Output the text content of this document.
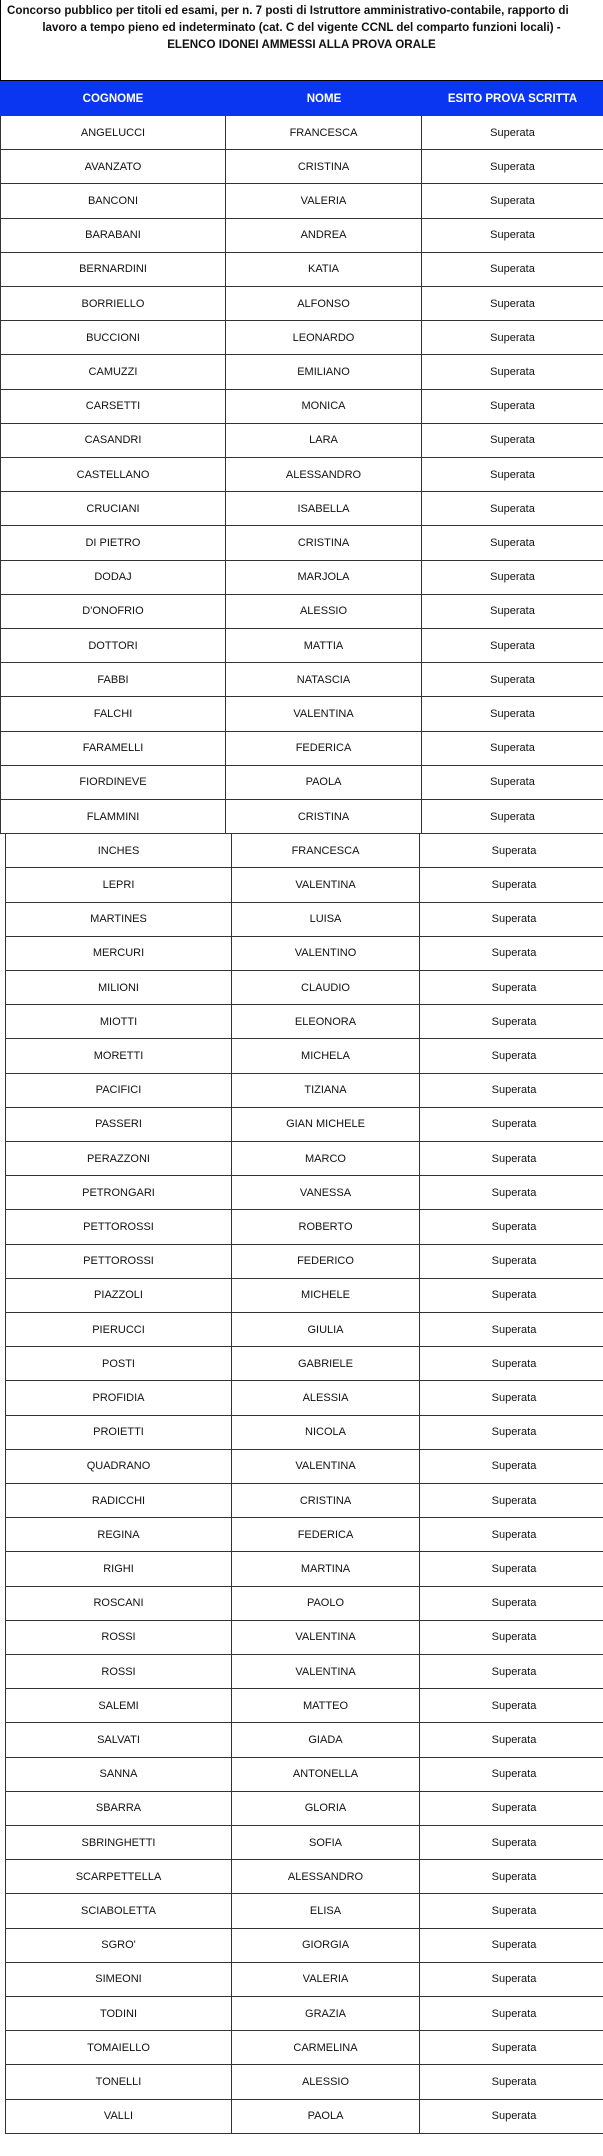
Concorso pubblico per titoli ed esami, per n. 7 posti di Istruttore amministrativo-contabile, rapporto di
lavoro a tempo pieno ed indeterminato (cat. C del vigente CCNL del comparto funzioni locali) -
ELENCO IDONEI AMMESSI ALLA PROVA ORALE
COGNOME	NOME	ESITO PROVA SCRITTA
ANGELUCCI	FRANCESCA	Superata
AVANZATO	CRISTINA	Superata
BANCONI	VALERIA	Superata
BARABANI	ANDREA	Superata
BERNARDINI	KATIA	Superata
BORRIELLO	ALFONSO	Superata
BUCCIONI	LEONARDO	Superata
CAMUZZI	EMILIANO	Superata
CARSETTI	MONICA	Superata
CASANDRI	LARA	Superata
CASTELLANO	ALESSANDRO	Superata
CRUCIANI	ISABELLA	Superata
DI PIETRO	CRISTINA	Superata
DODAJ	MARJOLA	Superata
D'ONOFRIO	ALESSIO	Superata
DOTTORI	MATTIA	Superata
FABBI	NATASCIA	Superata
FALCHI	VALENTINA	Superata
FARAMELLI	FEDERICA	Superata
FIORDINEVE	PAOLA	Superata
FLAMMINI	CRISTINA	Superata
INCHES	FRANCESCA	Superata
LEPRI	VALENTINA	Superata
MARTINES	LUISA	Superata
MERCURI	VALENTINO	Superata
MILIONI	CLAUDIO	Superata
MIOTTI	ELEONORA	Superata
MORETTI	MICHELA	Superata
PACIFICI	TIZIANA	Superata
PASSERI	GIAN MICHELE	Superata
PERAZZONI	MARCO	Superata
PETRONGARI	VANESSA	Superata
PETTOROSSI	ROBERTO	Superata
PETTOROSSI	FEDERICO	Superata
PIAZZOLI	MICHELE	Superata
PIERUCCI	GIULIA	Superata
POSTI	GABRIELE	Superata
PROFIDIA	ALESSIA	Superata
PROIETTI	NICOLA	Superata
QUADRANO	VALENTINA	Superata
RADICCHI	CRISTINA	Superata
REGINA	FEDERICA	Superata
RIGHI	MARTINA	Superata
ROSCANI	PAOLO	Superata
ROSSI	VALENTINA	Superata
ROSSI	VALENTINA	Superata
SALEMI	MATTEO	Superata
SALVATI	GIADA	Superata
SANNA	ANTONELLA	Superata
SBARRA	GLORIA	Superata
SBRINGHETTI	SOFIA	Superata
SCARPETTELLA	ALESSANDRO	Superata
SCIABOLETTA	ELISA	Superata
SGRO'	GIORGIA	Superata
SIMEONI	VALERIA	Superata
TODINI	GRAZIA	Superata
TOMAIELLO	CARMELINA	Superata
TONELLI	ALESSIO	Superata
VALLI	PAOLA	Superata
